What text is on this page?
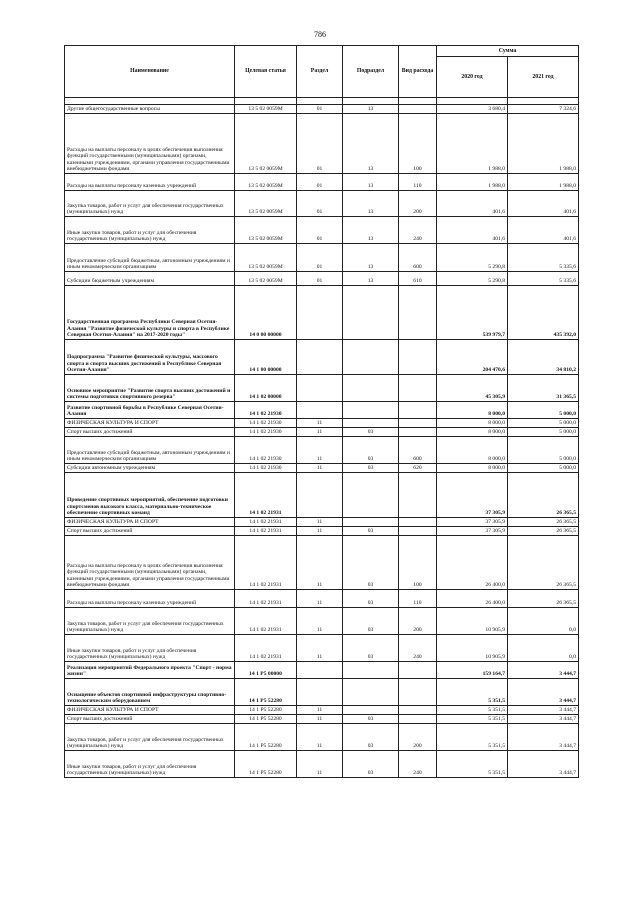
786
Наименование	Целевая статья	Раздел	Подраздел	Вид расхода	Сумма	
					2020 год	2021 год

Другие общегосударственные вопросы	13 5 02 0059М	01	13		3 680,4	7 324,6
Расходы на выплаты персоналу в целях обеспечения выполнения функций государственными (муниципальными) органами, казенными учреждениями, органами управления государственными внебюджетными фондами	13 5 02 0059М	01	13	100	1 988,0	1 988,0
Расходы на выплаты персоналу казенных учреждений	13 5 02 0059М	01	13	110	1 988,0	1 988,0
Закупка товаров, работ и услуг для обеспечения государственных (муниципальных) нужд	13 5 02 0059М	01	13	200	401,6	401,6
Иные закупки товаров, работ и услуг для обеспечения государственных (муниципальных) нужд	13 5 02 0059М	01	13	240	401,6	401,6
Предоставление субсидий бюджетным, автономным учреждениям и иным некоммерческим организациям	13 5 02 0059М	01	13	600	5 290,8	5 335,6
Субсидии бюджетным учреждениям	13 5 02 0059М	01	13	610	5 290,8	5 335,6
Государственная программа Республики Северная Осетия-Алания "Развитие физической культуры и спорта в Республике Северная Осетия-Алания" на 2017-2020 годы"	14 0 00 00000				539 979,7	435 392,0
Подпрограмма "Развитие физической культуры, массового спорта и спорта высших достижений в Республике Северная Осетия-Алания"	14 1 00 00000				204 470,6	34 810,2
Основное мероприятие "Развитие спорта высших достижений и системы подготовки спортивного резерва"	14 1 02 00000				45 305,9	31 365,5
Развитие спортивной борьбы в Республике Северная Осетия-Алания	14 1 02 21930				8 000,0	5 000,0
ФИЗИЧЕСКАЯ КУЛЬТУРА И СПОРТ	14 1 02 21930	11			8 000,0	5 000,0
Спорт высших достижений	14 1 02 21930	11	03		8 000,0	5 000,0
Предоставление субсидий бюджетным, автономным учреждениям и иным некоммерческим организациям	14 1 02 21930	11	03	600	8 000,0	5 000,0
Субсидии автономным учреждениям	14 1 02 21930	11	03	620	8 000,0	5 000,0
Проведение спортивных мероприятий, обеспечение подготовки спортсменов высокого класса, материально-техническое обеспечение спортивных команд	14 1 02 21931				37 305,9	26 365,5
ФИЗИЧЕСКАЯ КУЛЬТУРА И СПОРТ	14 1 02 21931	11			37 305,9	26 365,5
Спорт высших достижений	14 1 02 21931	11	03		37 305,9	26 365,5
Расходы на выплаты персоналу в целях обеспечения выполнения функций государственными (муниципальными) органами, казенными учреждениями, органами управления государственными внебюджетными фондами	14 1 02 21931	11	03	100	26 400,0	26 365,5
Расходы на выплаты персоналу казенных учреждений	14 1 02 21931	11	03	110	26 400,0	26 365,5
Закупка товаров, работ и услуг для обеспечения государственных (муниципальных) нужд	14 1 02 21931	11	03	200	10 905,9	0,0
Иные закупки товаров, работ и услуг для обеспечения государственных (муниципальных) нужд	14 1 02 21931	11	03	240	10 905,9	0,0
Реализация мероприятий Федерального проекта "Спорт - норма жизни"	14 1 P5 00000				159 164,7	3 444,7
Оснащение объектов спортивной инфраструктуры спортивно-технологическим оборудованием	14 1 P5 52280				5 351,5	3 444,7
ФИЗИЧЕСКАЯ КУЛЬТУРА И СПОРТ	14 1 P5 52280	11			5 351,5	3 444,7
Спорт высших достижений	14 1 P5 52280	11	03		5 351,5	3 444,7
Закупка товаров, работ и услуг для обеспечения государственных (муниципальных) нужд	14 1 P5 52280	11	03	200	5 351,5	3 444,7
Иные закупки товаров, работ и услуг для обеспечения государственных (муниципальных) нужд	14 1 P5 52280	11	03	240	5 351,5	3 444,7
